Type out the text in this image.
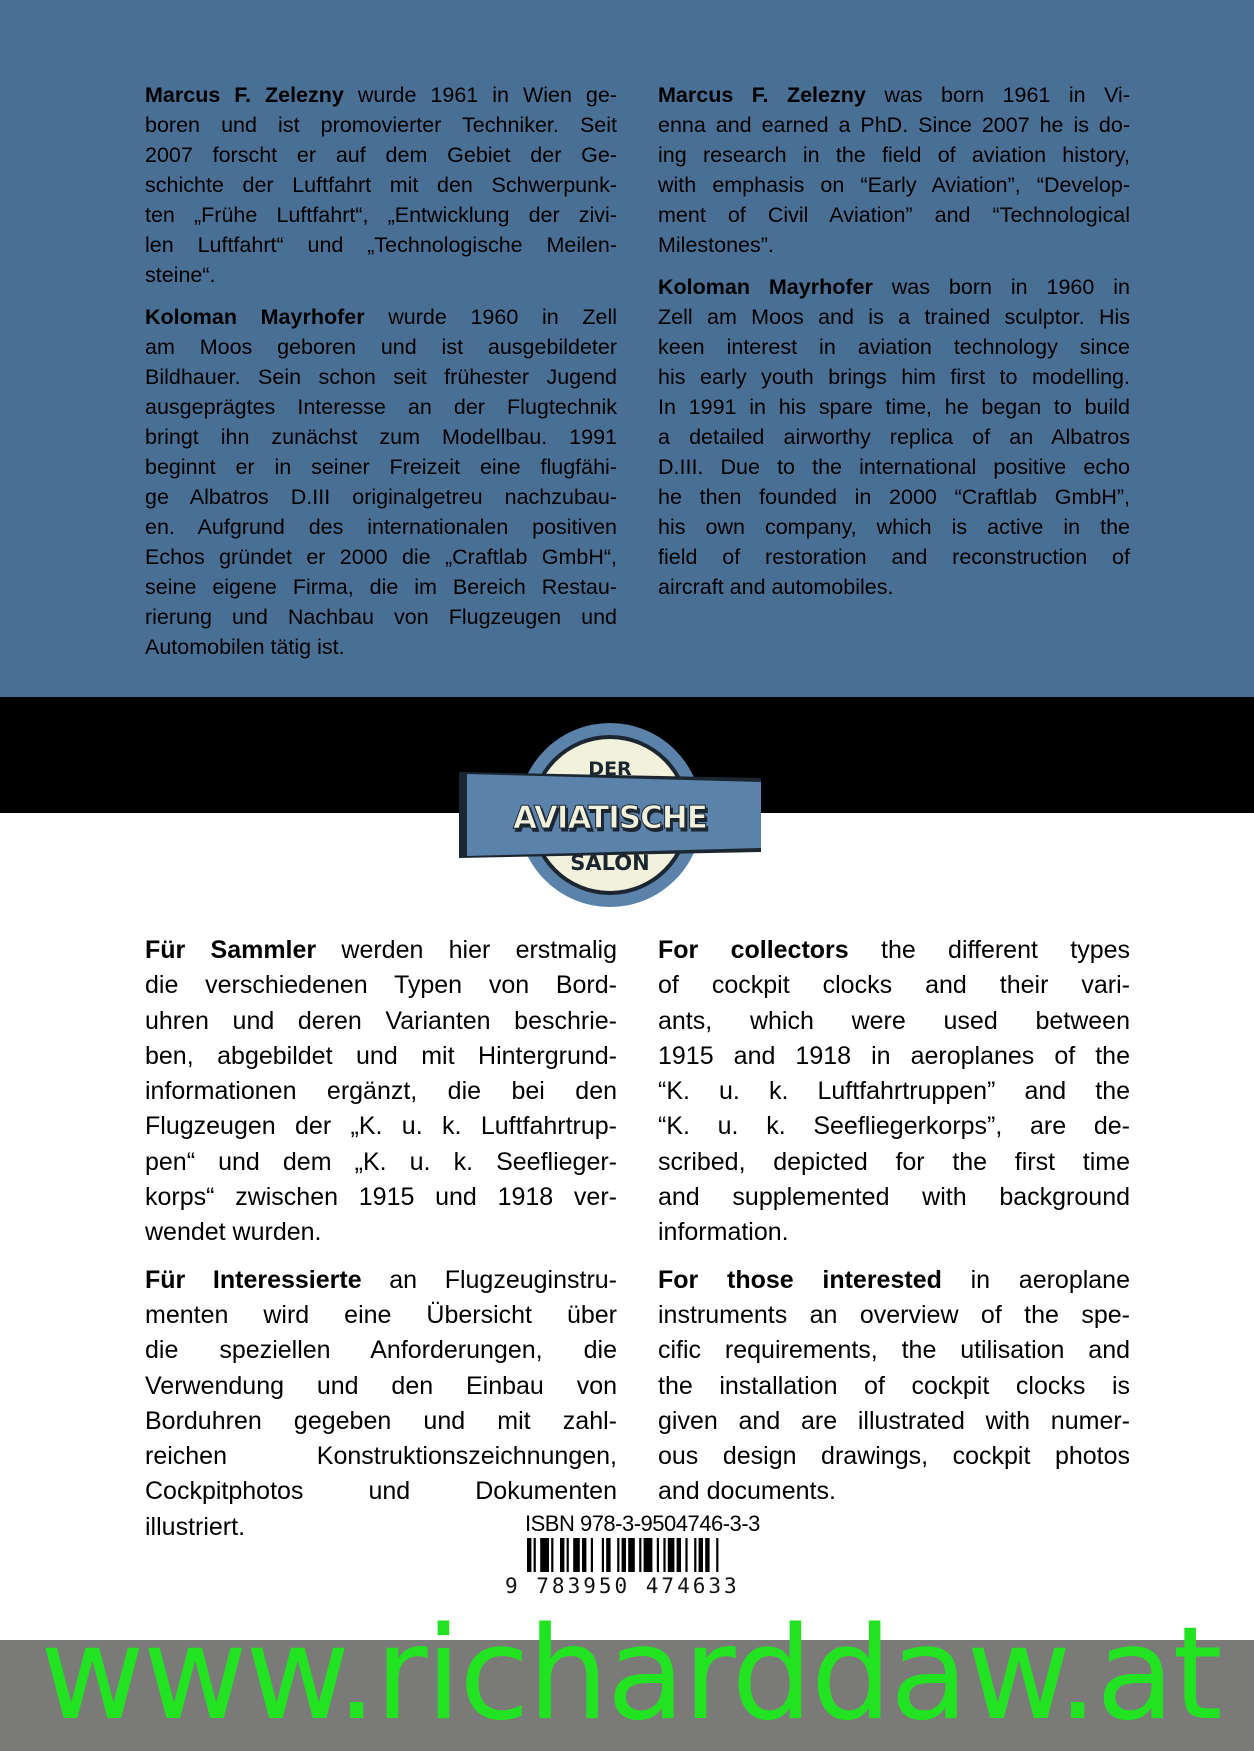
Marcus F. Zelezny wurde 1961 in Wien ge-
boren und ist promovierter Techniker. Seit
2007 forscht er auf dem Gebiet der Ge-
schichte der Luftfahrt mit den Schwerpunk-
ten „Frühe Luftfahrt“, „Entwicklung der zivi-
len Luftfahrt“ und „Technologische Meilen-
steine“.
Koloman Mayrhofer wurde 1960 in Zell
am Moos geboren und ist ausgebildeter
Bildhauer. Sein schon seit frühester Jugend
ausgeprägtes Interesse an der Flugtechnik
bringt ihn zunächst zum Modellbau. 1991
beginnt er in seiner Freizeit eine flugfähi-
ge Albatros D.III originalgetreu nachzubau-
en. Aufgrund des internationalen positiven
Echos gründet er 2000 die „Craftlab GmbH“,
seine eigene Firma, die im Bereich Restau-
rierung und Nachbau von Flugzeugen und
Automobilen tätig ist.
Marcus F. Zelezny was born 1961 in Vi-
enna and earned a PhD. Since 2007 he is do-
ing research in the field of aviation history,
with emphasis on “Early Aviation”, “Develop-
ment of Civil Aviation” and “Technological
Milestones”.
Koloman Mayrhofer was born in 1960 in
Zell am Moos and is a trained sculptor. His
keen interest in aviation technology since
his early youth brings him first to modelling.
In 1991 in his spare time, he began to build
a detailed airworthy replica of an Albatros
D.III. Due to the international positive echo
he then founded in 2000 “Craftlab GmbH”,
his own company, which is active in the
field of restoration and reconstruction of
aircraft and automobiles.
Für Sammler werden hier erstmalig
die verschiedenen Typen von Bord-
uhren und deren Varianten beschrie-
ben, abgebildet und mit Hintergrund-
informationen ergänzt, die bei den
Flugzeugen der „K. u. k. Luftfahrtrup-
pen“ und dem „K. u. k. Seeflieger-
korps“ zwischen 1915 und 1918 ver-
wendet wurden.
Für Interessierte an Flugzeuginstru-
menten wird eine Übersicht über
die speziellen Anforderungen, die
Verwendung und den Einbau von
Borduhren gegeben und mit zahl-
reichen Konstruktionszeichnungen,
Cockpitphotos und Dokumenten
illustriert.
For collectors the different types
of cockpit clocks and their vari-
ants, which were used between
1915 and 1918 in aeroplanes of the
“K. u. k. Luftfahrtruppen” and the
“K. u. k. Seefliegerkorps”, are de-
scribed, depicted for the first time
and supplemented with background
information.
For those interested in aeroplane
instruments an overview of the spe-
cific requirements, the utilisation and
the installation of cockpit clocks is
given and are illustrated with numer-
ous design drawings, cockpit photos
and documents.
DER
AVIATISCHE
SALON
ISBN 978-3-9504746-3-3
9 783950 474633
www.richarddaw.at
